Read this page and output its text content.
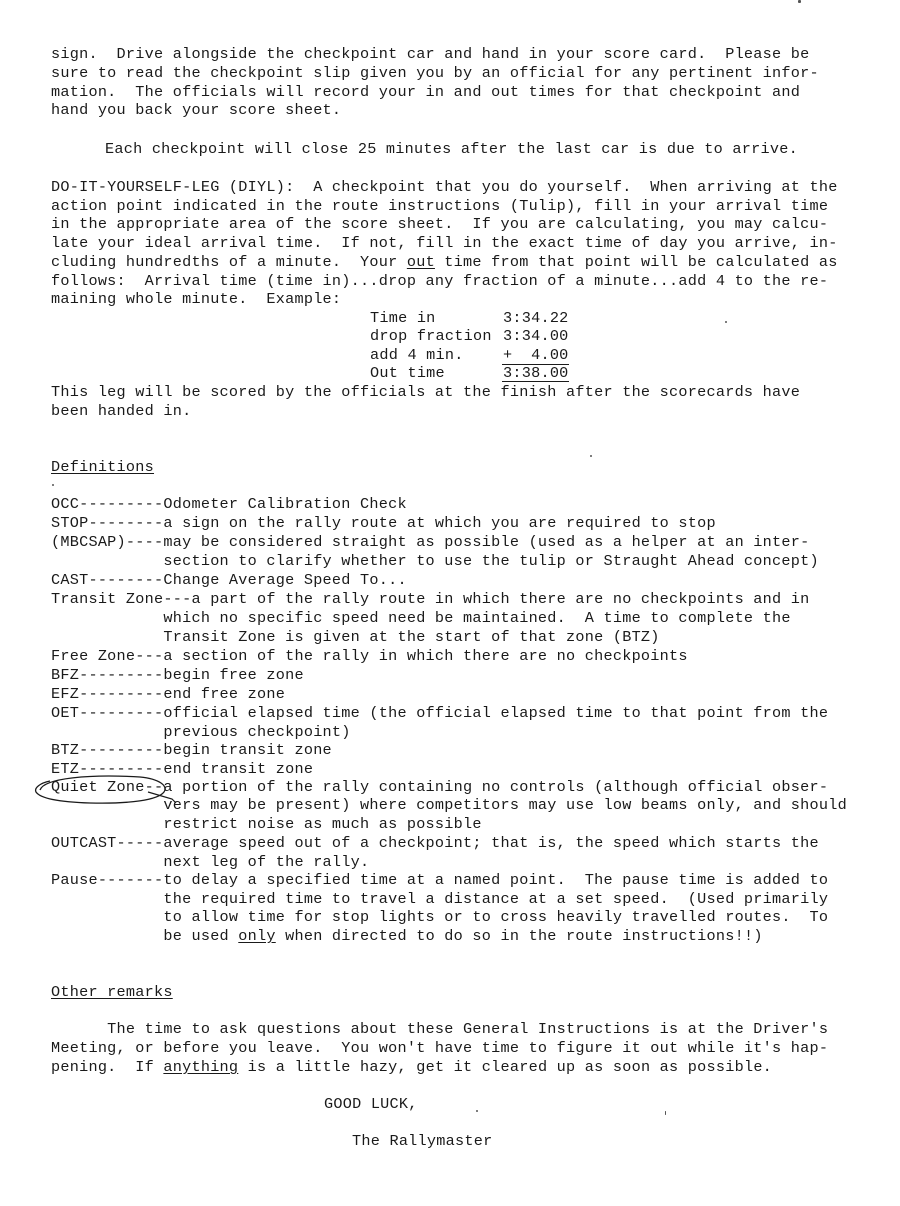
sign.  Drive alongside the checkpoint car and hand in your score card.  Please be
sure to read the checkpoint slip given you by an official for any pertinent infor-
mation.  The officials will record your in and out times for that checkpoint and
hand you back your score sheet.
Each checkpoint will close 25 minutes after the last car is due to arrive.
DO-IT-YOURSELF-LEG (DIYL):  A checkpoint that you do yourself.  When arriving at the
action point indicated in the route instructions (Tulip), fill in your arrival time
in the appropriate area of the score sheet.  If you are calculating, you may calcu-
late your ideal arrival time.  If not, fill in the exact time of day you arrive, in-
cluding hundredths of a minute.  Your out time from that point will be calculated as
follows:  Arrival time (time in)...drop any fraction of a minute...add 4 to the re-
maining whole minute.  Example:
Time in	3:34.22
drop fraction 3:34.00
add 4 min.	+  4.00
Out time	3:38.00
This leg will be scored by the officials at the finish after the scorecards have
been handed in.
Definitions
OCC---------Odometer Calibration Check
STOP--------a sign on the rally route at which you are required to stop
(MBCSAP)----may be considered straight as possible (used as a helper at an inter-
section to clarify whether to use the tulip or Straught Ahead concept)
CAST--------Change Average Speed To...
Transit Zone---a part of the rally route in which there are no checkpoints and in
which no specific speed need be maintained.  A time to complete the
Transit Zone is given at the start of that zone (BTZ)
Free Zone---a section of the rally in which there are no checkpoints
BFZ---------begin free zone
EFZ---------end free zone
OET---------official elapsed time (the official elapsed time to that point from the
previous checkpoint)
BTZ---------begin transit zone
ETZ---------end transit zone
Quiet Zone--a portion of the rally containing no controls (although official obser-
vers may be present) where competitors may use low beams only, and should
restrict noise as much as possible
OUTCAST-----average speed out of a checkpoint; that is, the speed which starts the
next leg of the rally.
Pause-------to delay a specified time at a named point.  The pause time is added to
the required time to travel a distance at a set speed.  (Used primarily
to allow time for stop lights or to cross heavily travelled routes.  To
be used only when directed to do so in the route instructions!!)
Other remarks
The time to ask questions about these General Instructions is at the Driver's
Meeting, or before you leave.  You won't have time to figure it out while it's hap-
pening.  If anything is a little hazy, get it cleared up as soon as possible.
GOOD LUCK,
The Rallymaster
